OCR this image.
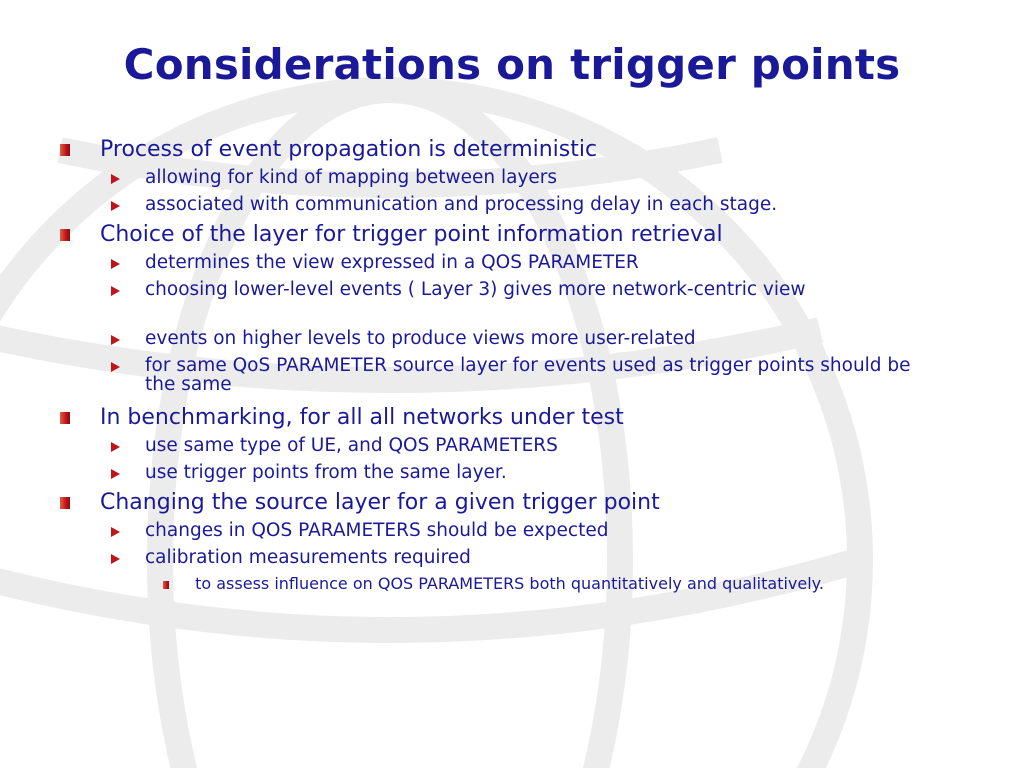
Considerations on trigger points
Process of event propagation is deterministic
allowing for kind of mapping between layers
associated with communication and processing delay in each stage.
Choice of the layer for trigger point information retrieval
determines the view expressed in a QOS PARAMETER
choosing lower-level events ( Layer 3) gives more network-centric view
events on higher levels to produce views more user-related
for same QoS PARAMETER source layer for events used as trigger points should be the same
In benchmarking, for all all networks under test
use same type of UE, and QOS PARAMETERS
use trigger points from the same layer.
Changing the source layer for a given trigger point
changes in QOS PARAMETERS should be expected
calibration measurements required
to assess influence on QOS PARAMETERS both quantitatively and qualitatively.
